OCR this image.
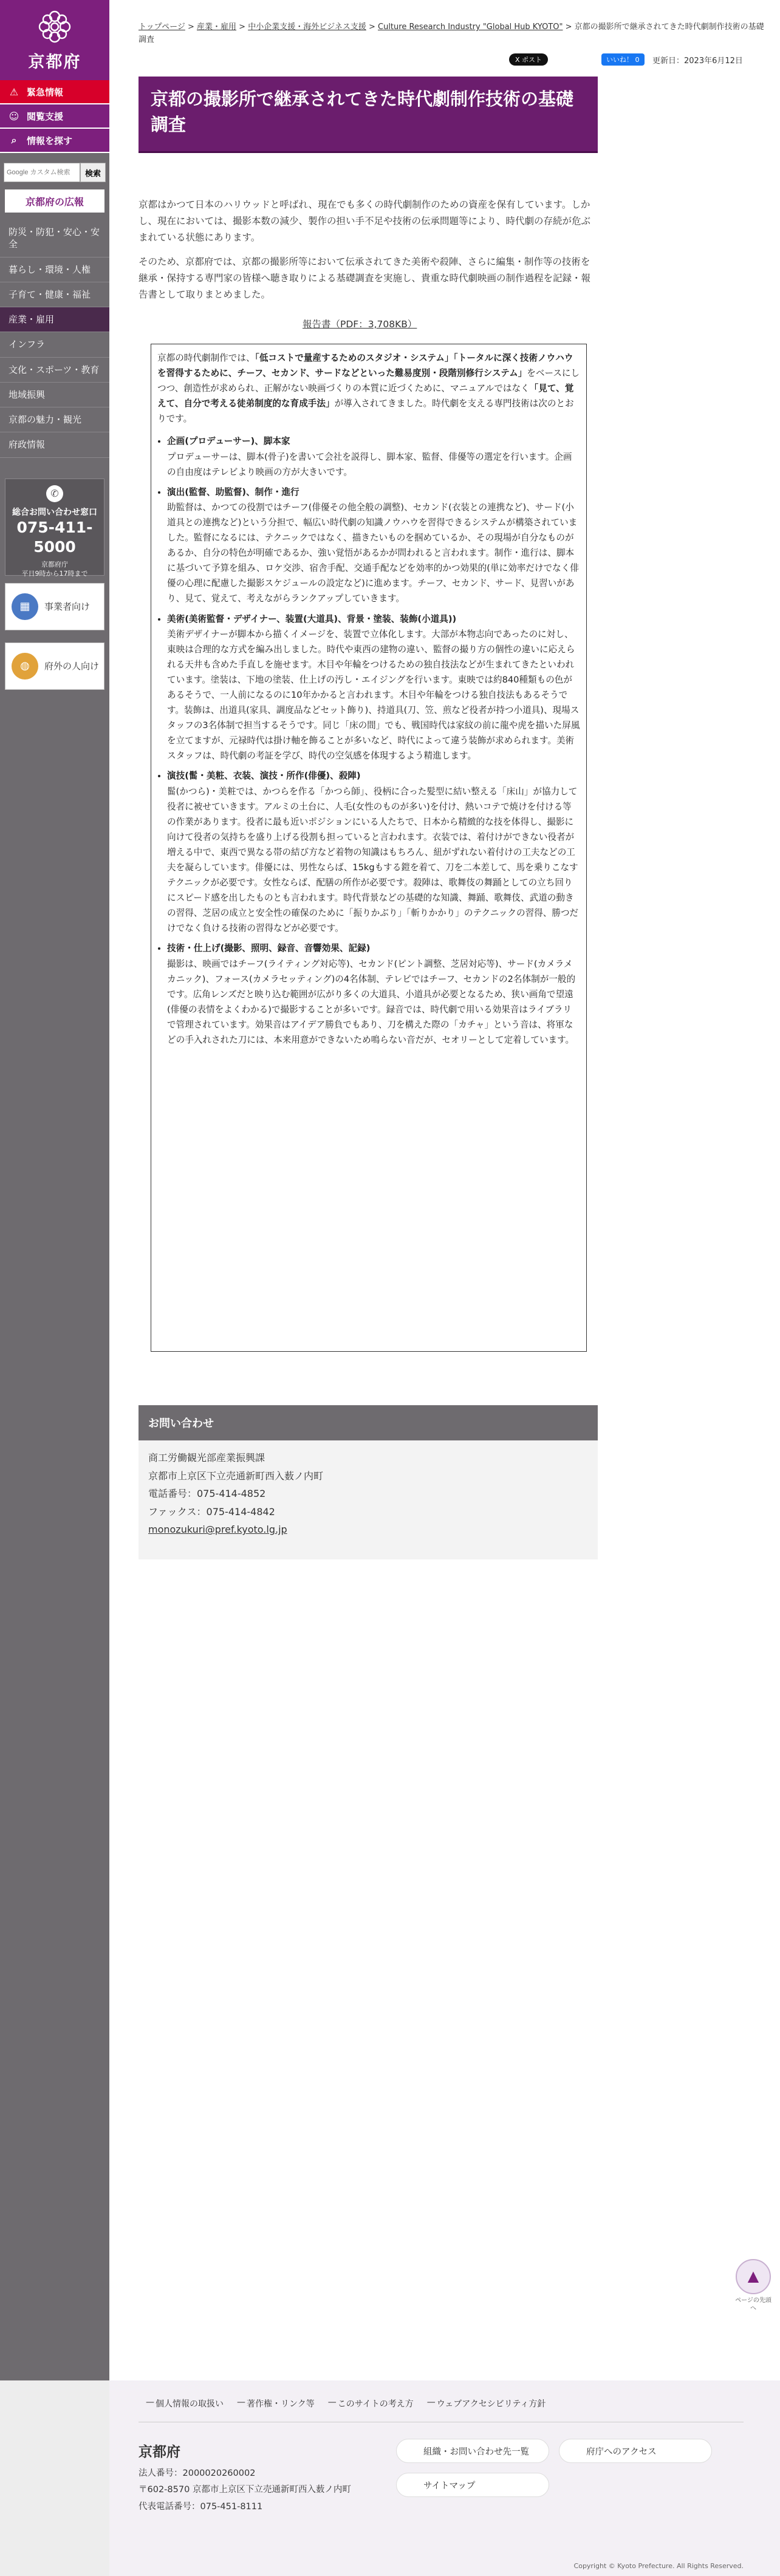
京都府
⚠ 緊急情報
☺ 閲覧支援
⌕	情報を探す
Google カスタム検索
検索
京都府の広報
防災・防犯・安心・安全
暮らし・環境・人権
子育て・健康・福祉
産業・雇用
インフラ
文化・スポーツ・教育
地域振興
京都の魅力・観光
府政情報
✆
総合お問い合わせ窓口
075-411-5000
京都府庁
平日9時から17時まで
▦	事業者向け
◍	府外の人向け
トップページ > 産業・雇用 > 中小企業支援・海外ビジネス支援 > Culture Research Industry "Global Hub KYOTO" > 京都の撮影所で継承されてきた時代劇制作技術の基礎調査
X ポスト	いいね！ 0	更新日：2023年6月12日
京都の撮影所で継承されてきた時代劇制作技術の基礎調査

京都はかつて日本のハリウッドと呼ばれ、現在でも多くの時代劇制作のための資産を保有しています。しかし、現在においては、撮影本数の減少、製作の担い手不足や技術の伝承問題等により、時代劇の存続が危ぶまれている状態にあります。

そのため、京都府では、京都の撮影所等において伝承されてきた美術や殺陣、さらに編集・制作等の技術を継承・保持する専門家の皆様へ聴き取りによる基礎調査を実施し、貴重な時代劇映画の制作過程を記録・報告書として取りまとめました。

報告書（PDF：3,708KB）

京都の時代劇制作では、「低コストで量産するためのスタジオ・システム」「トータルに深く技術ノウハウを習得するために、チーフ、セカンド、サードなどといった難易度別・段階別修行システム」をベースにしつつ、創造性が求められ、正解がない映画づくりの本質に近づくために、マニュアルではなく「見て、覚えて、自分で考える徒弟制度的な育成手法」が導入されてきました。時代劇を支える専門技術は次のとおりです。

• 企画(プロデューサー)、脚本家
プロデューサーは、脚本(骨子)を書いて会社を説得し、脚本家、監督、俳優等の選定を行います。企画の自由度はテレビより映画の方が大きいです。
• 演出(監督、助監督)、制作・進行
助監督は、かつての役割ではチーフ(俳優その他全般の調整)、セカンド(衣装との連携など)、サード(小道具との連携など)という分担で、幅広い時代劇の知識ノウハウを習得できるシステムが構築されていました。監督になるには、テクニックではなく、描きたいものを掴めているか、その現場が自分なものがあるか、自分の特色が明確であるか、強い覚悟があるかが問われると言われます。制作・進行は、脚本に基づいて予算を組み、ロケ交渉、宿舎手配、交通手配などを効率的かつ効果的(単に効率だけでなく俳優の心理に配慮した撮影スケジュールの設定など)に進めます。チーフ、セカンド、サード、見習いがあり、見て、覚えて、考えながらランクアップしていきます。
• 美術(美術監督・デザイナー、装置(大道具)、背景・塗装、装飾(小道具))
美術デザイナーが脚本から描くイメージを、装置で立体化します。大部が本物志向であったのに対し、東映は合理的な方式を編み出しました。時代や東西の建物の違い、監督の撮り方の個性の違いに応えられる天井も含めた手直しを施せます。木目や年輪をつけるための独自技法などが生まれてきたといわれています。塗装は、下地の塗装、仕上げの汚し・エイジングを行います。東映では約840種類もの色があるそうで、一人前になるのに10年かかると言われます。木目や年輪をつける独自技法もあるそうです。装飾は、出道具(家具、調度品などセット飾り)、持道具(刀、笠、煎など役者が持つ小道具)、現場スタッフの3名体制で担当するそうです。同じ「床の間」でも、戦国時代は家紋の前に龍や虎を描いた屏風を立てますが、元禄時代は掛け軸を飾ることが多いなど、時代によって違う装飾が求められます。美術スタッフは、時代劇の考証を学び、時代の空気感を体現するよう精進します。
• 演技(髷・美粧、衣装、演技・所作(俳優)、殺陣)
髷(かつら)・美粧では、かつらを作る「かつら師」、役柄に合った髪型に結い整える「床山」が協力して役者に被せていきます。アルミの土台に、人毛(女性のものが多い)を付け、熱いコテで焼けを付ける等の作業があります。役者に最も近いポジションにいる人たちで、日本から精緻的な技を体得し、撮影に向けて役者の気持ちを盛り上げる役割も担っていると言われます。衣装では、着付けができない役者が増える中で、東西で異なる帯の結び方など着物の知識はもちろん、紐がずれない着付けの工夫などの工夫を凝らしています。俳優には、男性ならば、15kgもする鎧を着て、刀を二本差して、馬を乗りこなすテクニックが必要です。女性ならば、配膳の所作が必要です。殺陣は、歌舞伎の舞踊としての立ち回りにスピード感を出したものとも言われます。時代背景などの基礎的な知識、舞踊、歌舞伎、武道の動きの習得、芝居の成立と安全性の確保のために「振りかぶり」「斬りかかり」のテクニックの習得、勝つだけでなく負ける技術の習得などが必要です。
• 技術・仕上げ(撮影、照明、録音、音響効果、記録)
撮影は、映画ではチーフ(ライティング対応等)、セカンド(ピント調整、芝居対応等)、サード(カメラメカニック)、フォース(カメラセッティング)の4名体制、テレビではチーフ、セカンドの2名体制が一般的です。広角レンズだと映り込む範囲が広がり多くの大道具、小道具が必要となるため、狭い画角で望遠(俳優の表情をよくわかる)で撮影することが多いです。録音では、時代劇で用いる効果音はライブラリで管理されています。効果音はアイデア勝負でもあり、刀を構えた際の「カチャ」という音は、将軍などの手入れされた刀には、本来用意ができないため鳴らない音だが、セオリーとして定着しています。
お問い合わせ
商工労働観光部産業振興課
京都市上京区下立売通新町西入薮ノ内町
電話番号：075-414-4852
ファックス：075-414-4842
monozukuri@pref.kyoto.lg.jp
▲
ページの先頭へ
— 個人情報の取扱い	— 著作権・リンク等	— このサイトの考え方	— ウェブアクセシビリティ方針
京都府
法人番号：2000020260002
〒602-8570 京都市上京区下立売通新町西入薮ノ内町
代表電話番号：075-451-8111
組織・お問い合わせ先一覧	府庁へのアクセス
サイトマップ
Copyright © Kyoto Prefecture. All Rights Reserved.
